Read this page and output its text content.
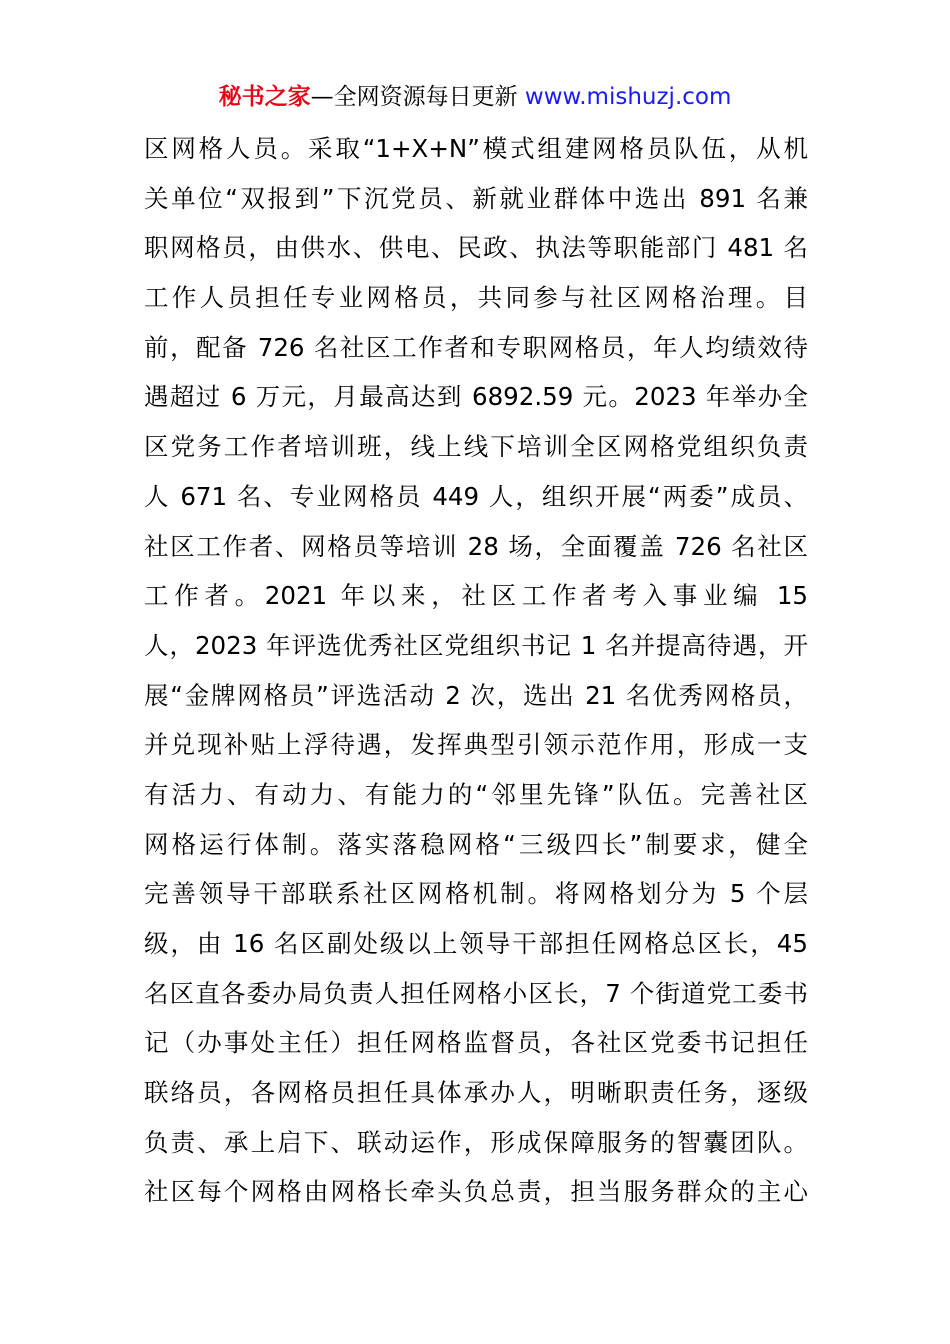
秘书之家—全网资源每日更新 www.mishuzj.com
区网格人员。采取“1+X+N”模式组建网格员队伍，从机
关单位“双报到”下沉党员、新就业群体中选出 891 名兼
职网格员，由供水、供电、民政、执法等职能部门 481 名
工作人员担任专业网格员，共同参与社区网格治理。目
前，配备 726 名社区工作者和专职网格员，年人均绩效待
遇超过 6 万元，月最高达到 6892.59 元。2023 年举办全
区党务工作者培训班，线上线下培训全区网格党组织负责
人 671 名、专业网格员 449 人，组织开展“两委”成员、
社区工作者、网格员等培训 28 场，全面覆盖 726 名社区
工作者。2021 年以来，社区工作者考入事业编 15
人，2023 年评选优秀社区党组织书记 1 名并提高待遇，开
展“金牌网格员”评选活动 2 次，选出 21 名优秀网格员，
并兑现补贴上浮待遇，发挥典型引领示范作用，形成一支
有活力、有动力、有能力的“邻里先锋”队伍。完善社区
网格运行体制。落实落稳网格“三级四长”制要求，健全
完善领导干部联系社区网格机制。将网格划分为 5 个层
级，由 16 名区副处级以上领导干部担任网格总区长，45
名区直各委办局负责人担任网格小区长，7 个街道党工委书
记（办事处主任）担任网格监督员，各社区党委书记担任
联络员，各网格员担任具体承办人，明晰职责任务，逐级
负责、承上启下、联动运作，形成保障服务的智囊团队。
社区每个网格由网格长牵头负总责，担当服务群众的主心
